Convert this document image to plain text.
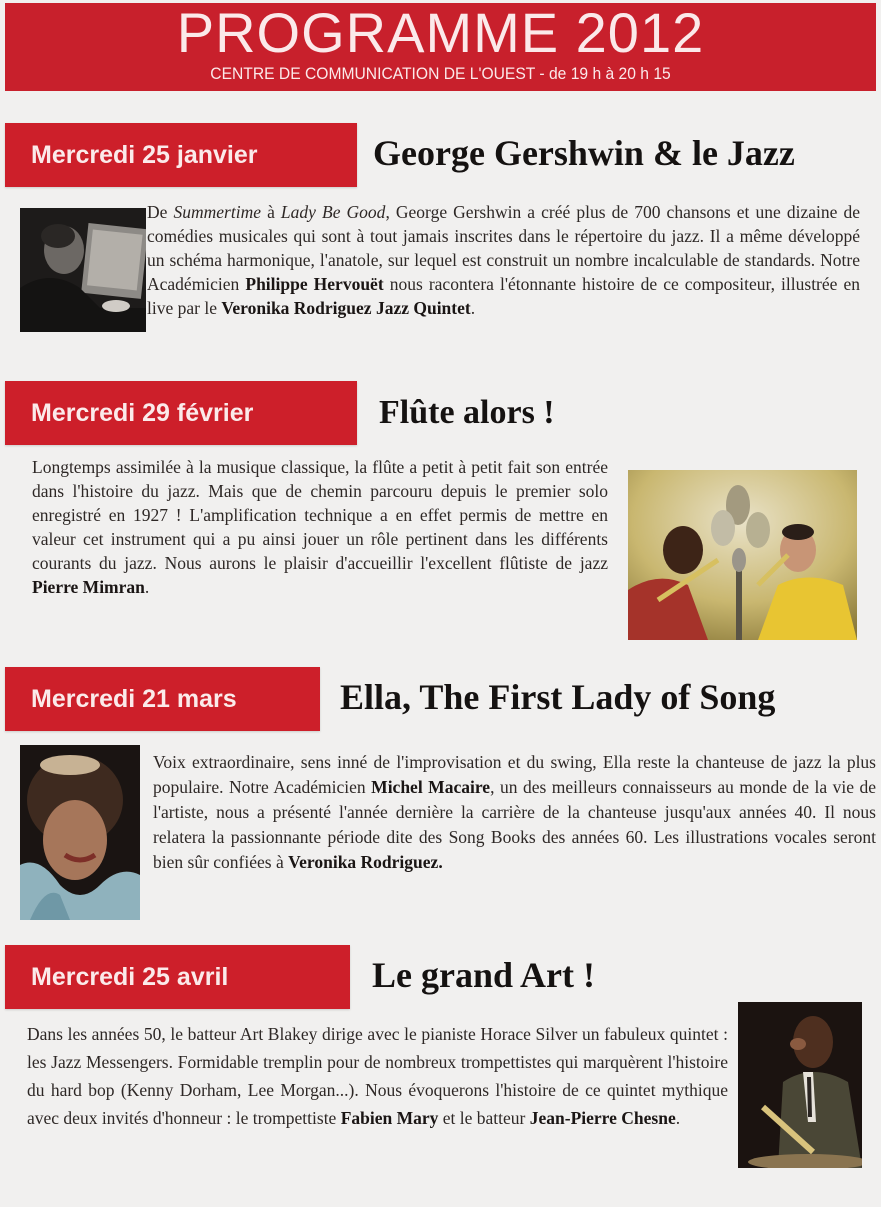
PROGRAMME 2012
CENTRE DE COMMUNICATION DE L'OUEST - de 19 h à 20 h 15
Mercredi 25 janvier	George Gershwin & le Jazz
De Summertime à Lady Be Good, George Gershwin a créé plus de 700 chansons et une dizaine de comédies musicales qui sont à tout jamais inscrites dans le répertoire du jazz. Il a même développé un schéma harmonique, l'anatole, sur lequel est construit un nombre incalculable de standards. Notre Académicien Philippe Hervouët nous racontera l'étonnante histoire de ce compositeur, illustrée en live par le Veronika Rodriguez Jazz Quintet.
Mercredi 29 février	Flûte alors !
Longtemps assimilée à la musique classique, la flûte a petit à petit fait son entrée dans l'histoire du jazz. Mais que de chemin parcouru depuis le premier solo enregistré en 1927 ! L'amplification technique a en effet permis de mettre en valeur cet instrument qui a pu ainsi jouer un rôle pertinent dans les différents courants du jazz. Nous aurons le plaisir d'accueillir l'excellent flûtiste de jazz Pierre Mimran.
Mercredi 21 mars	Ella, The First Lady of Song
Voix extraordinaire, sens inné de l'improvisation et du swing, Ella reste la chanteuse de jazz la plus populaire. Notre Académicien Michel Macaire, un des meilleurs connaisseurs au monde de la vie de l'artiste, nous a présenté l'année dernière la carrière de la chanteuse jusqu'aux années 40. Il nous relatera la passionnante période dite des Song Books des années 60. Les illustrations vocales seront bien sûr confiées à Veronika Rodriguez.
Mercredi 25 avril	Le grand Art !
Dans les années 50, le batteur Art Blakey dirige avec le pianiste Horace Silver un fabuleux quintet : les Jazz Messengers. Formidable tremplin pour de nombreux trompettistes qui marquèrent l'histoire du hard bop (Kenny Dorham, Lee Morgan...). Nous évoquerons l'histoire de ce quintet mythique avec deux invités d'honneur : le trompettiste Fabien Mary et le batteur Jean-Pierre Chesne.
